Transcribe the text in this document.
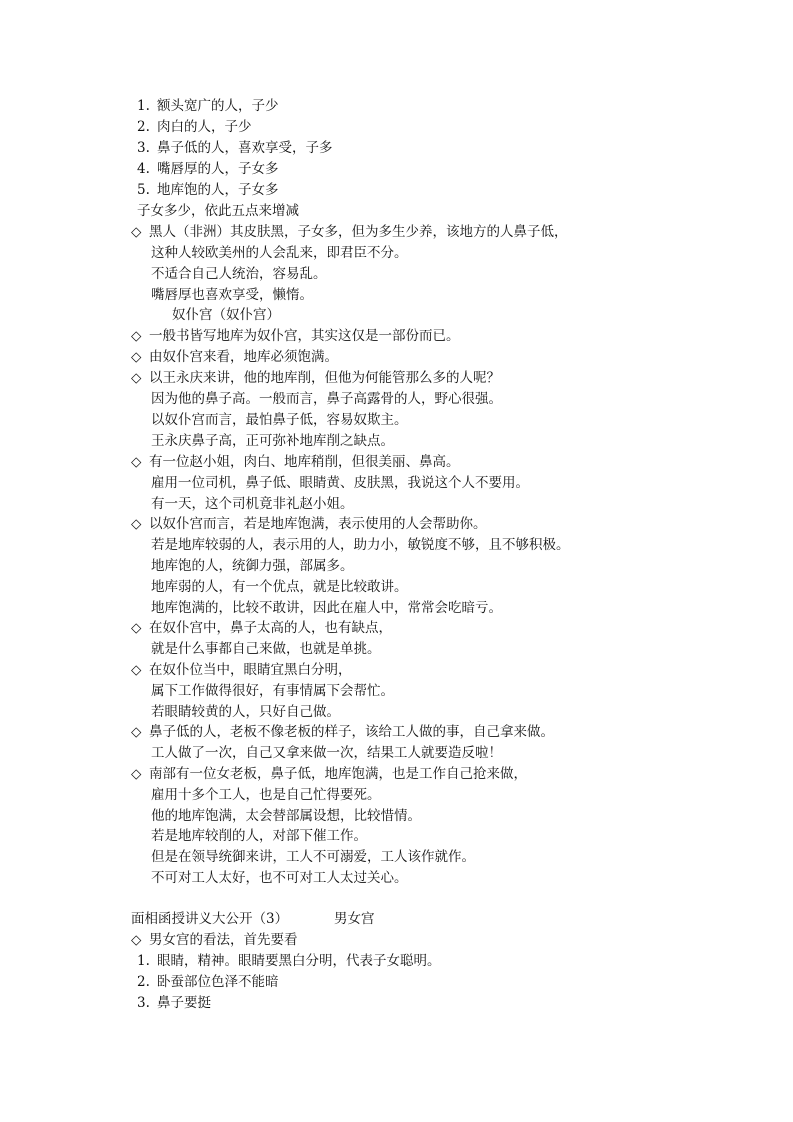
1. 额头宽广的人，子少
2. 肉白的人，子少
3. 鼻子低的人，喜欢享受，子多
4. 嘴唇厚的人，子女多
5. 地库饱的人，子女多
子女多少，依此五点来增减
◇ 黑人（非洲）其皮肤黑，子女多，但为多生少养，该地方的人鼻子低，
这种人较欧美州的人会乱来，即君臣不分。
不适合自己人统治，容易乱。
嘴唇厚也喜欢享受，懒惰。
奴仆宫（奴仆宫）
◇ 一般书皆写地库为奴仆宫，其实这仅是一部份而已。
◇ 由奴仆宫来看，地库必须饱满。
◇ 以王永庆来讲，他的地库削，但他为何能管那么多的人呢？
因为他的鼻子高。一般而言，鼻子高露骨的人，野心很强。
以奴仆宫而言，最怕鼻子低，容易奴欺主。
王永庆鼻子高，正可弥补地库削之缺点。
◇ 有一位赵小姐，肉白、地库稍削，但很美丽、鼻高。
雇用一位司机，鼻子低、眼睛黄、皮肤黑，我说这个人不要用。
有一天，这个司机竟非礼赵小姐。
◇ 以奴仆宫而言，若是地库饱满，表示使用的人会帮助你。
若是地库较弱的人，表示用的人，助力小，敏锐度不够，且不够积极。
地库饱的人，统御力强，部属多。
地库弱的人，有一个优点，就是比较敢讲。
地库饱满的，比较不敢讲，因此在雇人中，常常会吃暗亏。
◇ 在奴仆宫中，鼻子太高的人，也有缺点，
就是什么事都自己来做，也就是单挑。
◇ 在奴仆位当中，眼睛宜黑白分明，
属下工作做得很好，有事情属下会帮忙。
若眼睛较黄的人，只好自己做。
◇ 鼻子低的人，老板不像老板的样子，该给工人做的事，自己拿来做。
工人做了一次，自己又拿来做一次，结果工人就要造反啦！
◇ 南部有一位女老板，鼻子低，地库饱满，也是工作自己抢来做，
雇用十多个工人，也是自己忙得要死。
他的地库饱满，太会替部属设想，比较惜情。
若是地库较削的人，对部下催工作。
但是在领导统御来讲，工人不可溺爱，工人该作就作。
不可对工人太好，也不可对工人太过关心。
面相函授讲义大公开（3）	男女宫
◇ 男女宫的看法，首先要看
1. 眼睛，精神。眼睛要黑白分明，代表子女聪明。
2. 卧蚕部位色泽不能暗
3. 鼻子要挺
